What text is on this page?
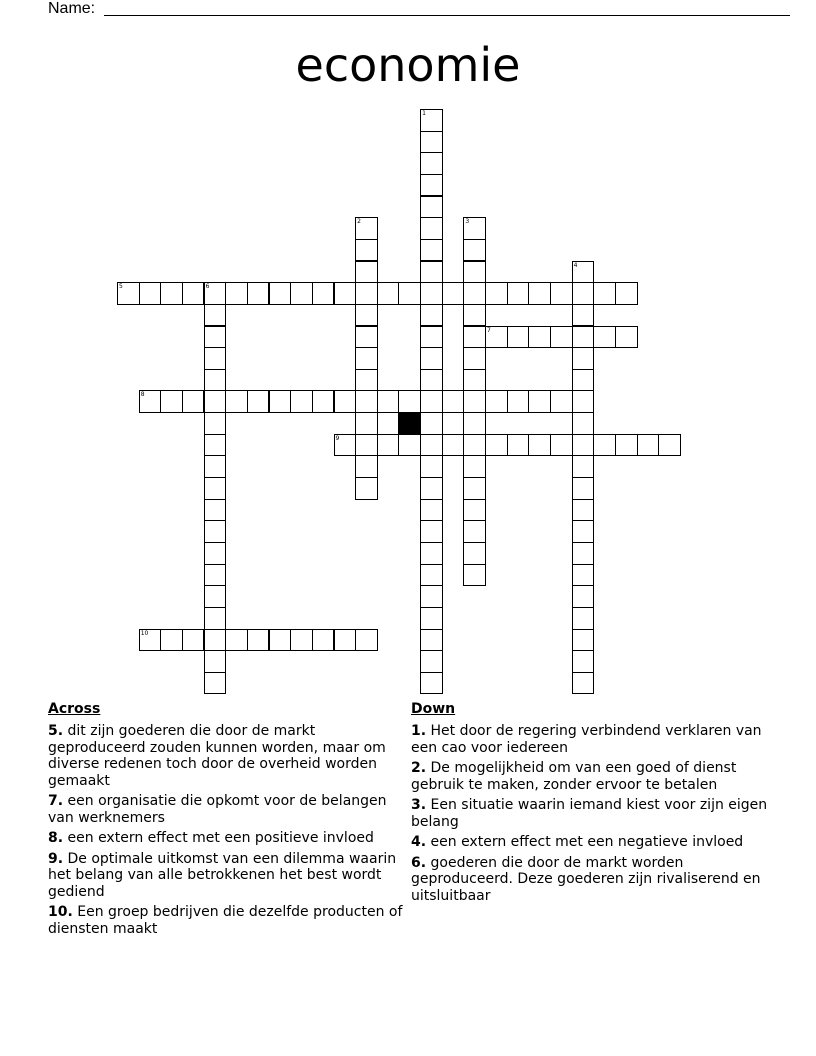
Name:
economie
1
2	3
4
5	6
7
8
9
10
Across
5. dit zijn goederen die door de markt geproduceerd zouden kunnen worden, maar om diverse redenen toch door de overheid worden gemaakt
7. een organisatie die opkomt voor de belangen van werknemers
8. een extern effect met een positieve invloed
9. De optimale uitkomst van een dilemma waarin het belang van alle betrokkenen het best wordt gediend
10. Een groep bedrijven die dezelfde producten of diensten maakt
Down
1. Het door de regering verbindend verklaren van een cao voor iedereen
2. De mogelijkheid om van een goed of dienst gebruik te maken, zonder ervoor te betalen
3. Een situatie waarin iemand kiest voor zijn eigen belang
4. een extern effect met een negatieve invloed
6. goederen die door de markt worden geproduceerd. Deze goederen zijn rivaliserend en uitsluitbaar
